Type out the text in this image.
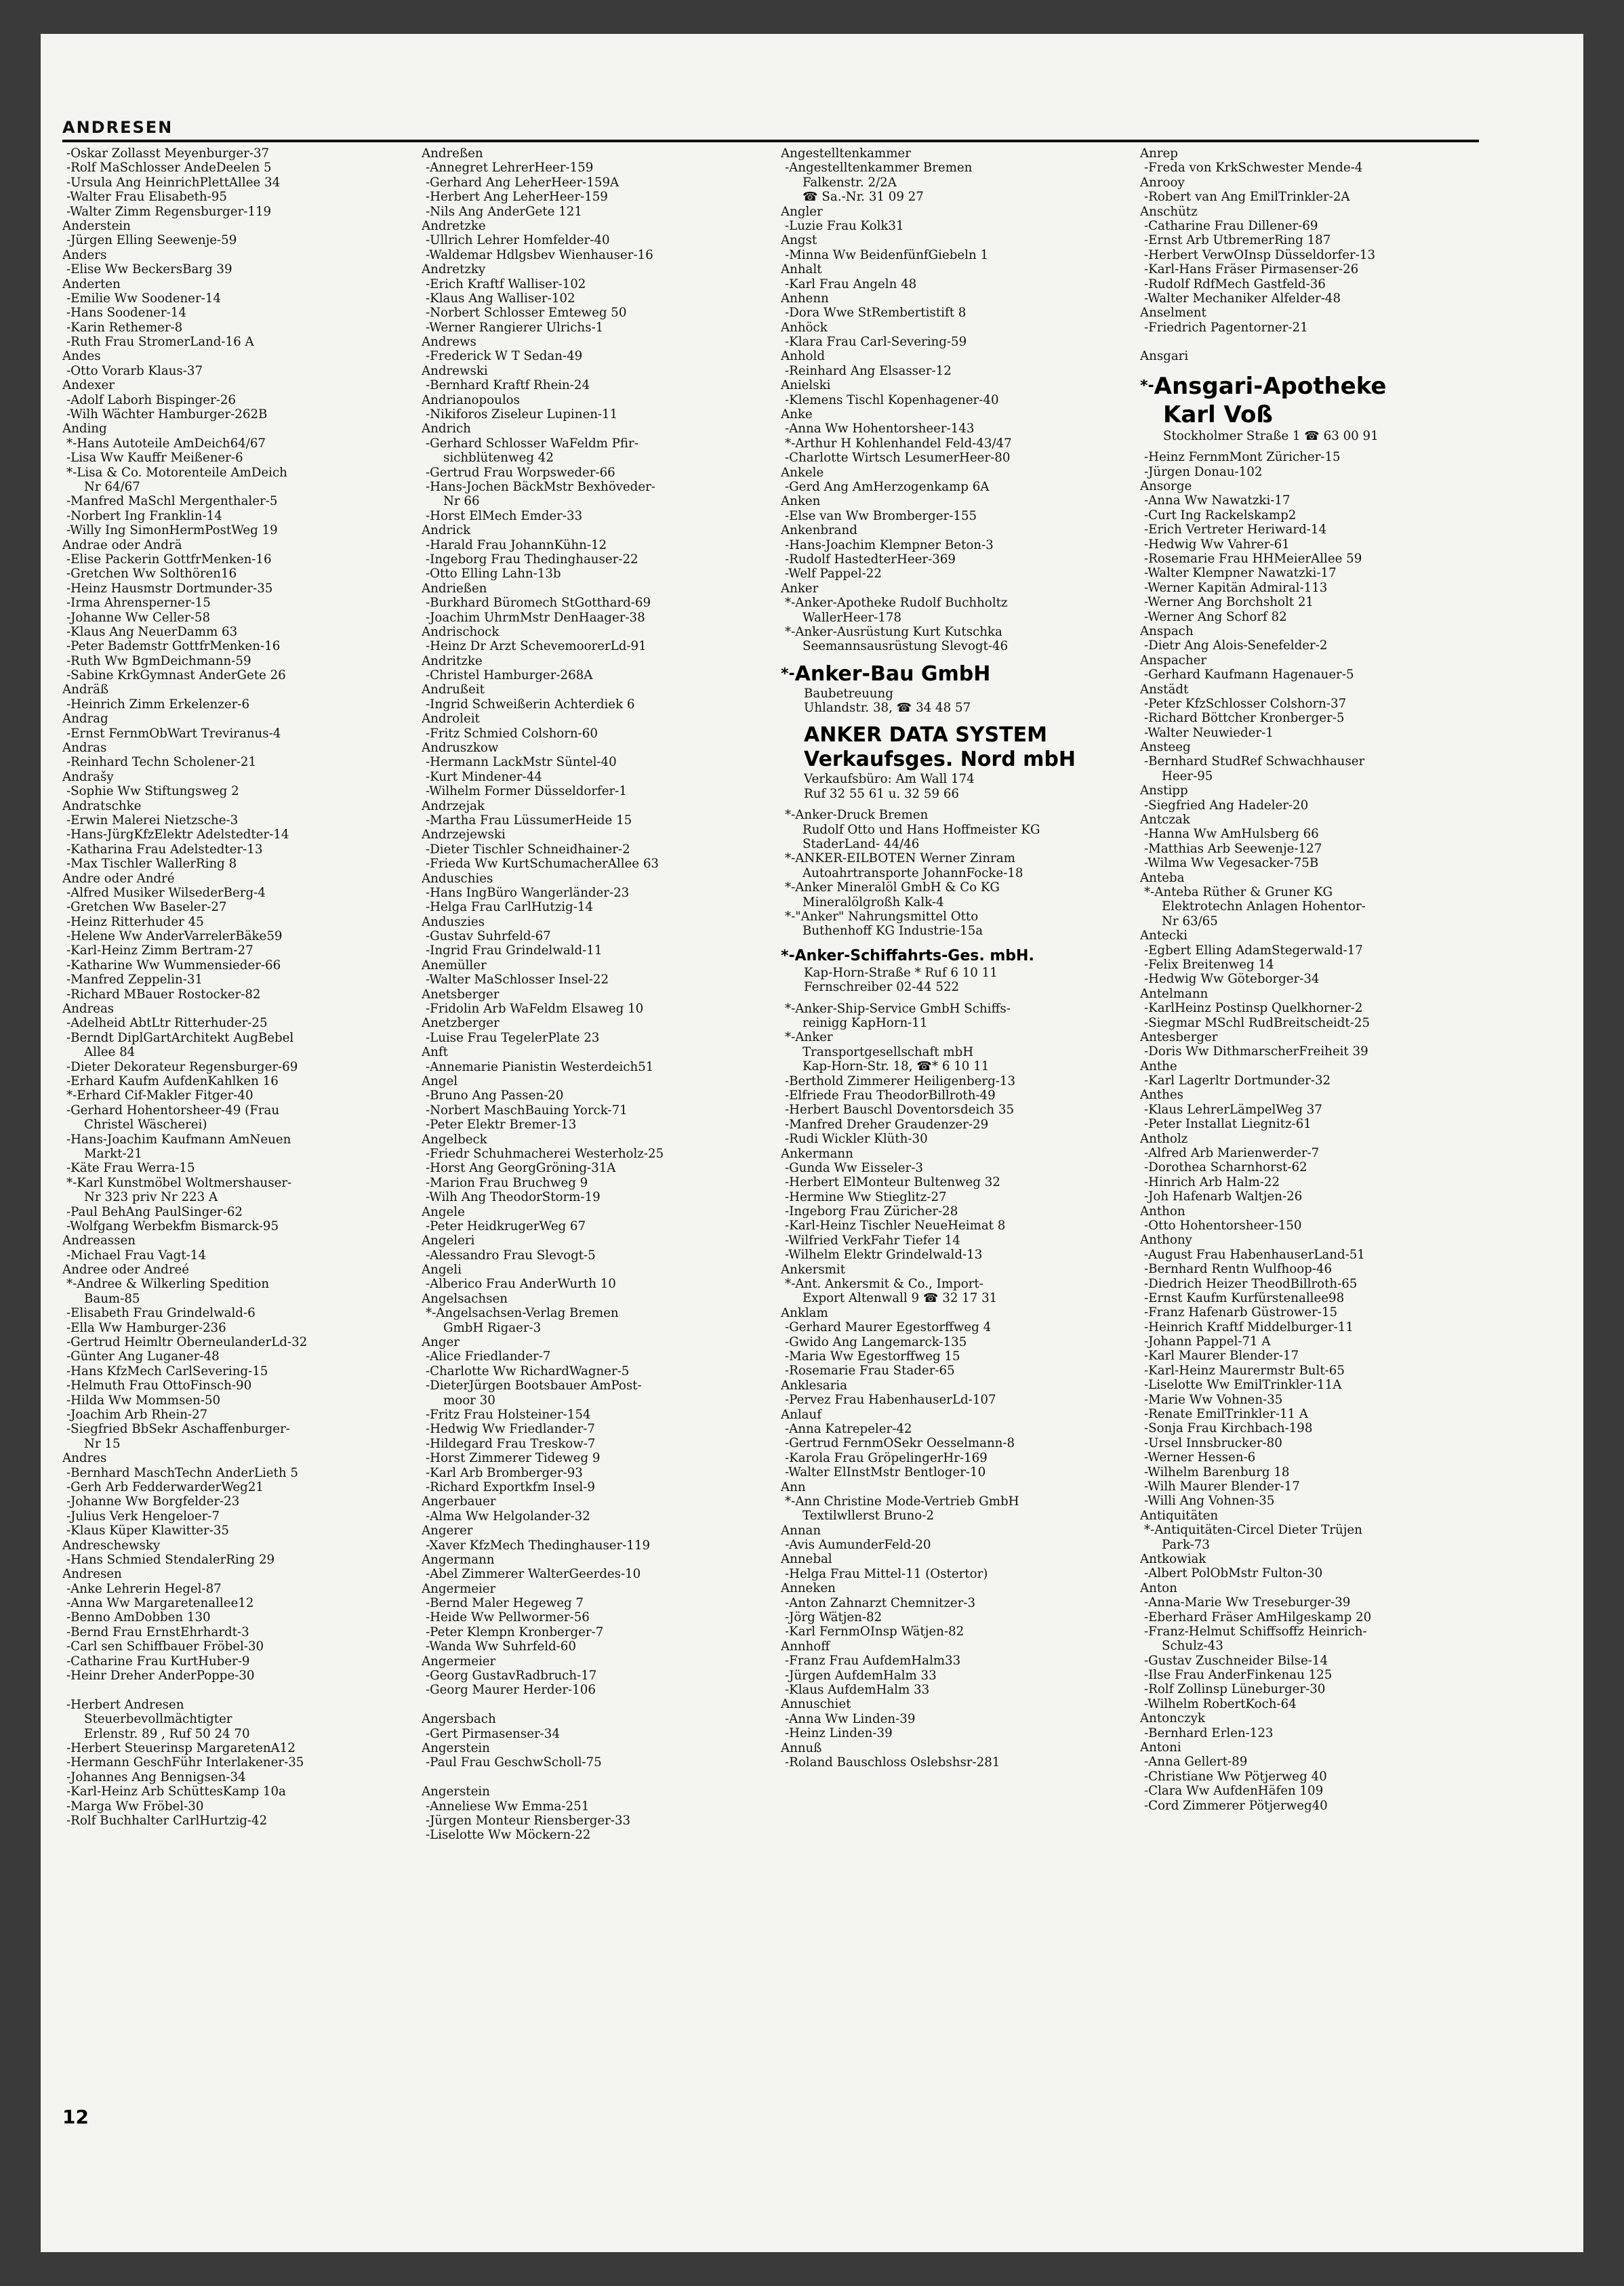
ANDRESEN
-Oskar Zollasst Meyenburger-37
-Rolf MaSchlosser AndeDeelen 5
-Ursula Ang HeinrichPlettAllee 34
-Walter Frau Elisabeth-95
-Walter Zimm Regensburger-119
Anderstein
-Jürgen Elling Seewenje-59
Anders
-Elise Ww BeckersBarg 39
Anderten
-Emilie Ww Soodener-14
-Hans Soodener-14
-Karin Rethemer-8
-Ruth Frau StromerLand-16 A
Andes
-Otto Vorarb Klaus-37
Andexer
-Adolf Laborh Bispinger-26
-Wilh Wächter Hamburger-262B
Anding
*-Hans Autoteile AmDeich64/67
-Lisa Ww Kauffr Meißener-6
*-Lisa & Co. Motorenteile AmDeich
Nr 64/67
-Manfred MaSchl Mergenthaler-5
-Norbert Ing Franklin-14
-Willy Ing SimonHermPostWeg 19
Andrae oder Andrä
-Elise Packerin GottfrMenken-16
-Gretchen Ww Solthören16
-Heinz Hausmstr Dortmunder-35
-Irma Ahrensperner-15
-Johanne Ww Celler-58
-Klaus Ang NeuerDamm 63
-Peter Bademstr GottfrMenken-16
-Ruth Ww BgmDeichmann-59
-Sabine KrkGymnast AnderGete 26
Andräß
-Heinrich Zimm Erkelenzer-6
Andrag
-Ernst FernmObWart Treviranus-4
Andras
-Reinhard Techn Scholener-21
Andrašy
-Sophie Ww Stiftungsweg 2
Andratschke
-Erwin Malerei Nietzsche-3
-Hans-JürgKfzElektr Adelstedter-14
-Katharina Frau Adelstedter-13
-Max Tischler WallerRing 8
Andre oder André
-Alfred Musiker WilsederBerg-4
-Gretchen Ww Baseler-27
-Heinz Ritterhuder 45
-Helene Ww AnderVarrelerBäke59
-Karl-Heinz Zimm Bertram-27
-Katharine Ww Wummensieder-66
-Manfred Zeppelin-31
-Richard MBauer Rostocker-82
Andreas
-Adelheid AbtLtr Ritterhuder-25
-Berndt DiplGartArchitekt AugBebel
Allee 84
-Dieter Dekorateur Regensburger-69
-Erhard Kaufm AufdenKahlken 16
*-Erhard Cif-Makler Fitger-40
-Gerhard Hohentorsheer-49 (Frau
Christel Wäscherei)
-Hans-Joachim Kaufmann AmNeuen
Markt-21
-Käte Frau Werra-15
*-Karl Kunstmöbel Woltmershauser-
Nr 323 priv Nr 223 A
-Paul BehAng PaulSinger-62
-Wolfgang Werbekfm Bismarck-95
Andreassen
-Michael Frau Vagt-14
Andree oder Andreé
*-Andree & Wilkerling Spedition
Baum-85
-Elisabeth Frau Grindelwald-6
-Ella Ww Hamburger-236
-Gertrud Heimltr OberneulanderLd-32
-Günter Ang Luganer-48
-Hans KfzMech CarlSevering-15
-Helmuth Frau OttoFinsch-90
-Hilda Ww Mommsen-50
-Joachim Arb Rhein-27
-Siegfried BbSekr Aschaffenburger-
Nr 15
Andres
-Bernhard MaschTechn AnderLieth 5
-Gerh Arb FedderwarderWeg21
-Johanne Ww Borgfelder-23
-Julius Verk Hengeloer-7
-Klaus Küper Klawitter-35
Andreschewsky
-Hans Schmied StendalerRing 29
Andresen
-Anke Lehrerin Hegel-87
-Anna Ww Margaretenallee12
-Benno AmDobben 130
-Bernd Frau ErnstEhrhardt-3
-Carl sen Schiffbauer Fröbel-30
-Catharine Frau KurtHuber-9
-Heinr Dreher AnderPoppe-30
-Herbert Andresen
Steuerbevollmächtigter
Erlenstr. 89 , Ruf 50 24 70
-Herbert Steuerinsp MargaretenA12
-Hermann GeschFühr Interlakener-35
-Johannes Ang Bennigsen-34
-Karl-Heinz Arb SchüttesKamp 10a
-Marga Ww Fröbel-30
-Rolf Buchhalter CarlHurtzig-42
Andreßen
-Annegret LehrerHeer-159
-Gerhard Ang LeherHeer-159A
-Herbert Ang LeherHeer-159
-Nils Ang AnderGete 121
Andretzke
-Ullrich Lehrer Homfelder-40
-Waldemar Hdlgsbev Wienhauser-16
Andretzky
-Erich Kraftf Walliser-102
-Klaus Ang Walliser-102
-Norbert Schlosser Emteweg 50
-Werner Rangierer Ulrichs-1
Andrews
-Frederick W T Sedan-49
Andrewski
-Bernhard Kraftf Rhein-24
Andrianopoulos
-Nikiforos Ziseleur Lupinen-11
Andrich
-Gerhard Schlosser WaFeldm Pfir-
sichblütenweg 42
-Gertrud Frau Worpsweder-66
-Hans-Jochen BäckMstr Bexhöveder-
Nr 66
-Horst ElMech Emder-33
Andrick
-Harald Frau JohannKühn-12
-Ingeborg Frau Thedinghauser-22
-Otto Elling Lahn-13b
Andrießen
-Burkhard Büromech StGotthard-69
-Joachim UhrmMstr DenHaager-38
Andrischock
-Heinz Dr Arzt SchevemoorerLd-91
Andritzke
-Christel Hamburger-268A
Andrußeit
-Ingrid Schweißerin Achterdiek 6
Androleit
-Fritz Schmied Colshorn-60
Andruszkow
-Hermann LackMstr Süntel-40
-Kurt Mindener-44
-Wilhelm Former Düsseldorfer-1
Andrzejak
-Martha Frau LüssumerHeide 15
Andrzejewski
-Dieter Tischler Schneidhainer-2
-Frieda Ww KurtSchumacherAllee 63
Anduschies
-Hans IngBüro Wangerländer-23
-Helga Frau CarlHutzig-14
Anduszies
-Gustav Suhrfeld-67
-Ingrid Frau Grindelwald-11
Anemüller
-Walter MaSchlosser Insel-22
Anetsberger
-Fridolin Arb WaFeldm Elsaweg 10
Anetzberger
-Luise Frau TegelerPlate 23
Anft
-Annemarie Pianistin Westerdeich51
Angel
-Bruno Ang Passen-20
-Norbert MaschBauing Yorck-71
-Peter Elektr Bremer-13
Angelbeck
-Friedr Schuhmacherei Westerholz-25
-Horst Ang GeorgGröning-31A
-Marion Frau Bruchweg 9
-Wilh Ang TheodorStorm-19
Angele
-Peter HeidkrugerWeg 67
Angeleri
-Alessandro Frau Slevogt-5
Angeli
-Alberico Frau AnderWurth 10
Angelsachsen
*-Angelsachsen-Verlag Bremen
GmbH Rigaer-3
Anger
-Alice Friedlander-7
-Charlotte Ww RichardWagner-5
-DieterJürgen Bootsbauer AmPost-
moor 30
-Fritz Frau Holsteiner-154
-Hedwig Ww Friedlander-7
-Hildegard Frau Treskow-7
-Horst Zimmerer Tideweg 9
-Karl Arb Bromberger-93
-Richard Exportkfm Insel-9
Angerbauer
-Alma Ww Helgolander-32
Angerer
-Xaver KfzMech Thedinghauser-119
Angermann
-Abel Zimmerer WalterGeerdes-10
Angermeier
-Bernd Maler Hegeweg 7
-Heide Ww Pellwormer-56
-Peter Klempn Kronberger-7
-Wanda Ww Suhrfeld-60
Angermeier
-Georg GustavRadbruch-17
-Georg Maurer Herder-106
Angersbach
-Gert Pirmasenser-34
Angerstein
-Paul Frau GeschwScholl-75
Angerstein
-Anneliese Ww Emma-251
-Jürgen Monteur Riensberger-33
-Liselotte Ww Möckern-22
Angestelltenkammer
-Angestelltenkammer Bremen
Falkenstr. 2/2A
☎ Sa.-Nr. 31 09 27
Angler
-Luzie Frau Kolk31
Angst
-Minna Ww BeidenfünfGiebeln 1
Anhalt
-Karl Frau Angeln 48
Anhenn
-Dora Wwe StRembertistift 8
Anhöck
-Klara Frau Carl-Severing-59
Anhold
-Reinhard Ang Elsasser-12
Anielski
-Klemens Tischl Kopenhagener-40
Anke
-Anna Ww Hohentorsheer-143
*-Arthur H Kohlenhandel Feld-43/47
-Charlotte Wirtsch LesumerHeer-80
Ankele
-Gerd Ang AmHerzogenkamp 6A
Anken
-Else van Ww Bromberger-155
Ankenbrand
-Hans-Joachim Klempner Beton-3
-Rudolf HastedterHeer-369
-Welf Pappel-22
Anker
*-Anker-Apotheke Rudolf Buchholtz
WallerHeer-178
*-Anker-Ausrüstung Kurt Kutschka
Seemannsausrüstung Slevogt-46
*-Anker-Bau GmbH
Baubetreuung
Uhlandstr. 38, ☎ 34 48 57
ANKER DATA SYSTEM
Verkaufsges. Nord mbH
Verkaufsbüro: Am Wall 174
Ruf 32 55 61 u. 32 59 66
*-Anker-Druck Bremen
Rudolf Otto und Hans Hoffmeister KG
StaderLand- 44/46
*-ANKER-EILBOTEN Werner Zinram
Autoahrtransporte JohannFocke-18
*-Anker Mineralöl GmbH & Co KG
Mineralölgroßh Kalk-4
*-"Anker" Nahrungsmittel Otto
Buthenhoff KG Industrie-15a
*-Anker-Schiffahrts-Ges. mbH.
Kap-Horn-Straße * Ruf 6 10 11
Fernschreiber 02-44 522
*-Anker-Ship-Service GmbH Schiffs-
reinigg KapHorn-11
*-Anker
Transportgesellschaft mbH
Kap-Horn-Str. 18, ☎* 6 10 11
-Berthold Zimmerer Heiligenberg-13
-Elfriede Frau TheodorBillroth-49
-Herbert Bauschl Doventorsdeich 35
-Manfred Dreher Graudenzer-29
-Rudi Wickler Klüth-30
Ankermann
-Gunda Ww Eisseler-3
-Herbert ElMonteur Bultenweg 32
-Hermine Ww Stieglitz-27
-Ingeborg Frau Züricher-28
-Karl-Heinz Tischler NeueHeimat 8
-Wilfried VerkFahr Tiefer 14
-Wilhelm Elektr Grindelwald-13
Ankersmit
*-Ant. Ankersmit & Co., Import-
Export Altenwall 9 ☎ 32 17 31
Anklam
-Gerhard Maurer Egestorffweg 4
-Gwido Ang Langemarck-135
-Maria Ww Egestorffweg 15
-Rosemarie Frau Stader-65
Anklesaria
-Pervez Frau HabenhauserLd-107
Anlauf
-Anna Katrepeler-42
-Gertrud FernmOSekr Oesselmann-8
-Karola Frau GröpelingerHr-169
-Walter ElInstMstr Bentloger-10
Ann
*-Ann Christine Mode-Vertrieb GmbH
Textilwllerst Bruno-2
Annan
-Avis AumunderFeld-20
Annebal
-Helga Frau Mittel-11 (Ostertor)
Anneken
-Anton Zahnarzt Chemnitzer-3
-Jörg Wätjen-82
-Karl FernmOInsp Wätjen-82
Annhoff
-Franz Frau AufdemHalm33
-Jürgen AufdemHalm 33
-Klaus AufdemHalm 33
Annuschiet
-Anna Ww Linden-39
-Heinz Linden-39
Annuß
-Roland Bauschloss Oslebshsr-281
Anrep
-Freda von KrkSchwester Mende-4
Anrooy
-Robert van Ang EmilTrinkler-2A
Anschütz
-Catharine Frau Dillener-69
-Ernst Arb UtbremerRing 187
-Herbert VerwOInsp Düsseldorfer-13
-Karl-Hans Fräser Pirmasenser-26
-Rudolf RdfMech Gastfeld-36
-Walter Mechaniker Alfelder-48
Anselment
-Friedrich Pagentorner-21
Ansgari
*-Ansgari-Apotheke
Karl Voß
Stockholmer Straße 1 ☎ 63 00 91
-Heinz FernmMont Züricher-15
-Jürgen Donau-102
Ansorge
-Anna Ww Nawatzki-17
-Curt Ing Rackelskamp2
-Erich Vertreter Heriward-14
-Hedwig Ww Vahrer-61
-Rosemarie Frau HHMeierAllee 59
-Walter Klempner Nawatzki-17
-Werner Kapitän Admiral-113
-Werner Ang Borchsholt 21
-Werner Ang Schorf 82
Anspach
-Dietr Ang Alois-Senefelder-2
Anspacher
-Gerhard Kaufmann Hagenauer-5
Anstädt
-Peter KfzSchlosser Colshorn-37
-Richard Böttcher Kronberger-5
-Walter Neuwieder-1
Ansteeg
-Bernhard StudRef Schwachhauser
Heer-95
Anstipp
-Siegfried Ang Hadeler-20
Antczak
-Hanna Ww AmHulsberg 66
-Matthias Arb Seewenje-127
-Wilma Ww Vegesacker-75B
Anteba
*-Anteba Rüther & Gruner KG
Elektrotechn Anlagen Hohentor-
Nr 63/65
Antecki
-Egbert Elling AdamStegerwald-17
-Felix Breitenweg 14
-Hedwig Ww Göteborger-34
Antelmann
-KarlHeinz Postinsp Quelkhorner-2
-Siegmar MSchl RudBreitscheidt-25
Antesberger
-Doris Ww DithmarscherFreiheit 39
Anthe
-Karl Lagerltr Dortmunder-32
Anthes
-Klaus LehrerLämpelWeg 37
-Peter Installat Liegnitz-61
Antholz
-Alfred Arb Marienwerder-7
-Dorothea Scharnhorst-62
-Hinrich Arb Halm-22
-Joh Hafenarb Waltjen-26
Anthon
-Otto Hohentorsheer-150
Anthony
-August Frau HabenhauserLand-51
-Bernhard Rentn Wulfhoop-46
-Diedrich Heizer TheodBillroth-65
-Ernst Kaufm Kurfürstenallee98
-Franz Hafenarb Güstrower-15
-Heinrich Kraftf Middelburger-11
-Johann Pappel-71 A
-Karl Maurer Blender-17
-Karl-Heinz Maurermstr Bult-65
-Liselotte Ww EmilTrinkler-11A
-Marie Ww Vohnen-35
-Renate EmilTrinkler-11 A
-Sonja Frau Kirchbach-198
-Ursel Innsbrucker-80
-Werner Hessen-6
-Wilhelm Barenburg 18
-Wilh Maurer Blender-17
-Willi Ang Vohnen-35
Antiquitäten
*-Antiquitäten-Circel Dieter Trüjen
Park-73
Antkowiak
-Albert PolObMstr Fulton-30
Anton
-Anna-Marie Ww Treseburger-39
-Eberhard Fräser AmHilgeskamp 20
-Franz-Helmut Schiffsoffz Heinrich-
Schulz-43
-Gustav Zuschneider Bilse-14
-Ilse Frau AnderFinkenau 125
-Rolf Zollinsp Lüneburger-30
-Wilhelm RobertKoch-64
Antonczyk
-Bernhard Erlen-123
Antoni
-Anna Gellert-89
-Christiane Ww Pötjerweg 40
-Clara Ww AufdenHäfen 109
-Cord Zimmerer Pötjerweg40
12
